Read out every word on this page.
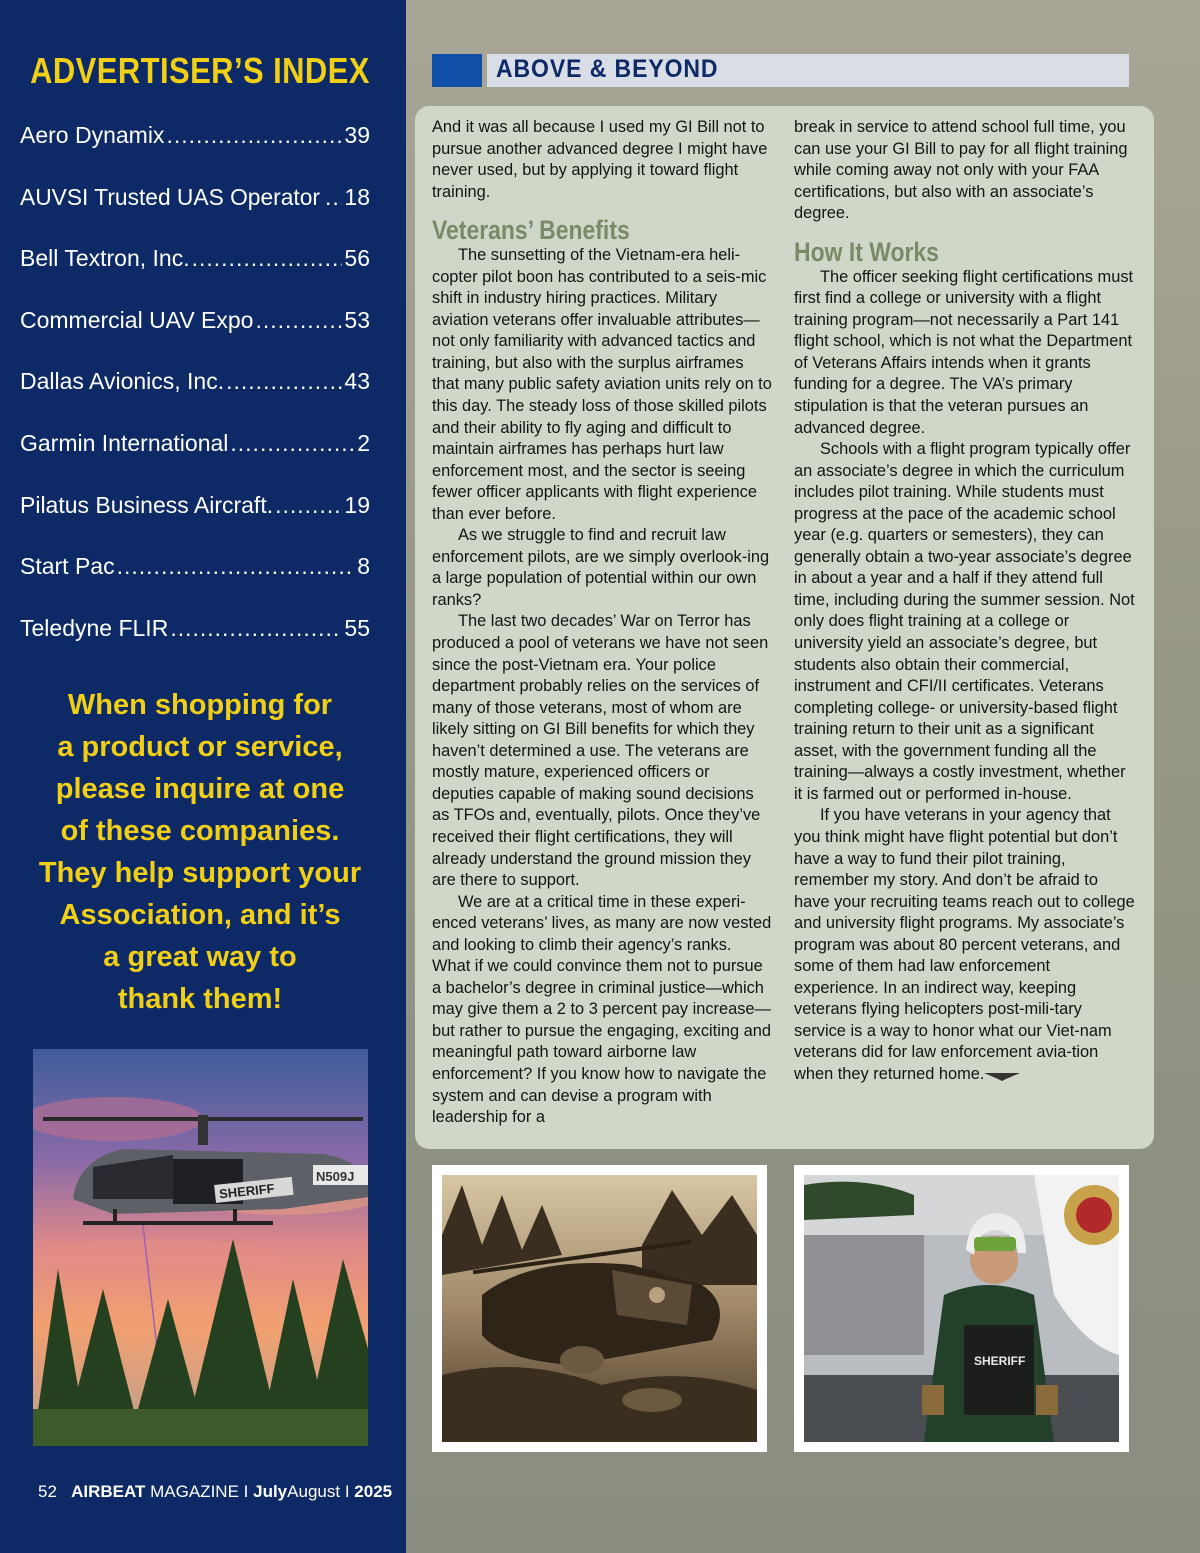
ADVERTISER’S INDEX
Aero Dynamix .....	39
AUVSI Trusted UAS Operator ..... 18
Bell Textron, Inc. .....	56
Commercial UAV Expo .....	53
Dallas Avionics, Inc. .....	43
Garmin International .....	2
Pilatus Business Aircraft. .....	19
Start Pac .....	8
Teledyne FLIR .....	55
When shopping for
a product or service,
please inquire at one
of these companies.
They help support your
Association, and it’s
a great way to
thank them!
N509J
SHERIFF
52 AIRBEAT MAGAZINE I JulyAugust I 2025
ABOVE & BEYOND

And it was all because I used my GI Bill not to pursue another advanced degree I might have never used, but by applying it toward flight training.

Veterans’ Benefits

The sunsetting of the Vietnam-era heli-copter pilot boon has contributed to a seis-mic shift in industry hiring practices. Military aviation veterans offer invaluable attributes—not only familiarity with advanced tactics and training, but also with the surplus airframes that many public safety aviation units rely on to this day. The steady loss of those skilled pilots and their ability to fly aging and difficult to maintain airframes has perhaps hurt law enforcement most, and the sector is seeing fewer officer applicants with flight experience than ever before.

As we struggle to find and recruit law enforcement pilots, are we simply overlook-ing a large population of potential within our own ranks?

The last two decades’ War on Terror has produced a pool of veterans we have not seen since the post-Vietnam era. Your police department probably relies on the services of many of those veterans, most of whom are likely sitting on GI Bill benefits for which they haven’t determined a use. The veterans are mostly mature, experienced officers or deputies capable of making sound decisions as TFOs and, eventually, pilots. Once they’ve received their flight certifications, they will already understand the ground mission they are there to support.

We are at a critical time in these experi-enced veterans’ lives, as many are now vested and looking to climb their agency’s ranks. What if we could convince them not to pursue a bachelor’s degree in criminal justice—which may give them a 2 to 3 percent pay increase—but rather to pursue the engaging, exciting and meaningful path toward airborne law enforcement? If you know how to navigate the system and can devise a program with leadership for a

break in service to attend school full time, you can use your GI Bill to pay for all flight training while coming away not only with your FAA certifications, but also with an associate’s degree.

How It Works

The officer seeking flight certifications must first find a college or university with a flight training program—not necessarily a Part 141 flight school, which is not what the Department of Veterans Affairs intends when it grants funding for a degree. The VA’s primary stipulation is that the veteran pursues an advanced degree.

Schools with a flight program typically offer an associate’s degree in which the curriculum includes pilot training. While students must progress at the pace of the academic school year (e.g. quarters or semesters), they can generally obtain a two-year associate’s degree in about a year and a half if they attend full time, including during the summer session. Not only does flight training at a college or university yield an associate’s degree, but students also obtain their commercial, instrument and CFI/II certificates. Veterans completing college- or university-based flight training return to their unit as a significant asset, with the government funding all the training—always a costly investment, whether it is farmed out or performed in-house.

If you have veterans in your agency that you think might have flight potential but don’t have a way to fund their pilot training, remember my story. And don’t be afraid to have your recruiting teams reach out to college and university flight programs. My associate’s program was about 80 percent veterans, and some of them had law enforcement experience. In an indirect way, keeping veterans flying helicopters post-mili-tary service is a way to honor what our Viet-nam veterans did for law enforcement avia-tion when they returned home.

SHERIFF
